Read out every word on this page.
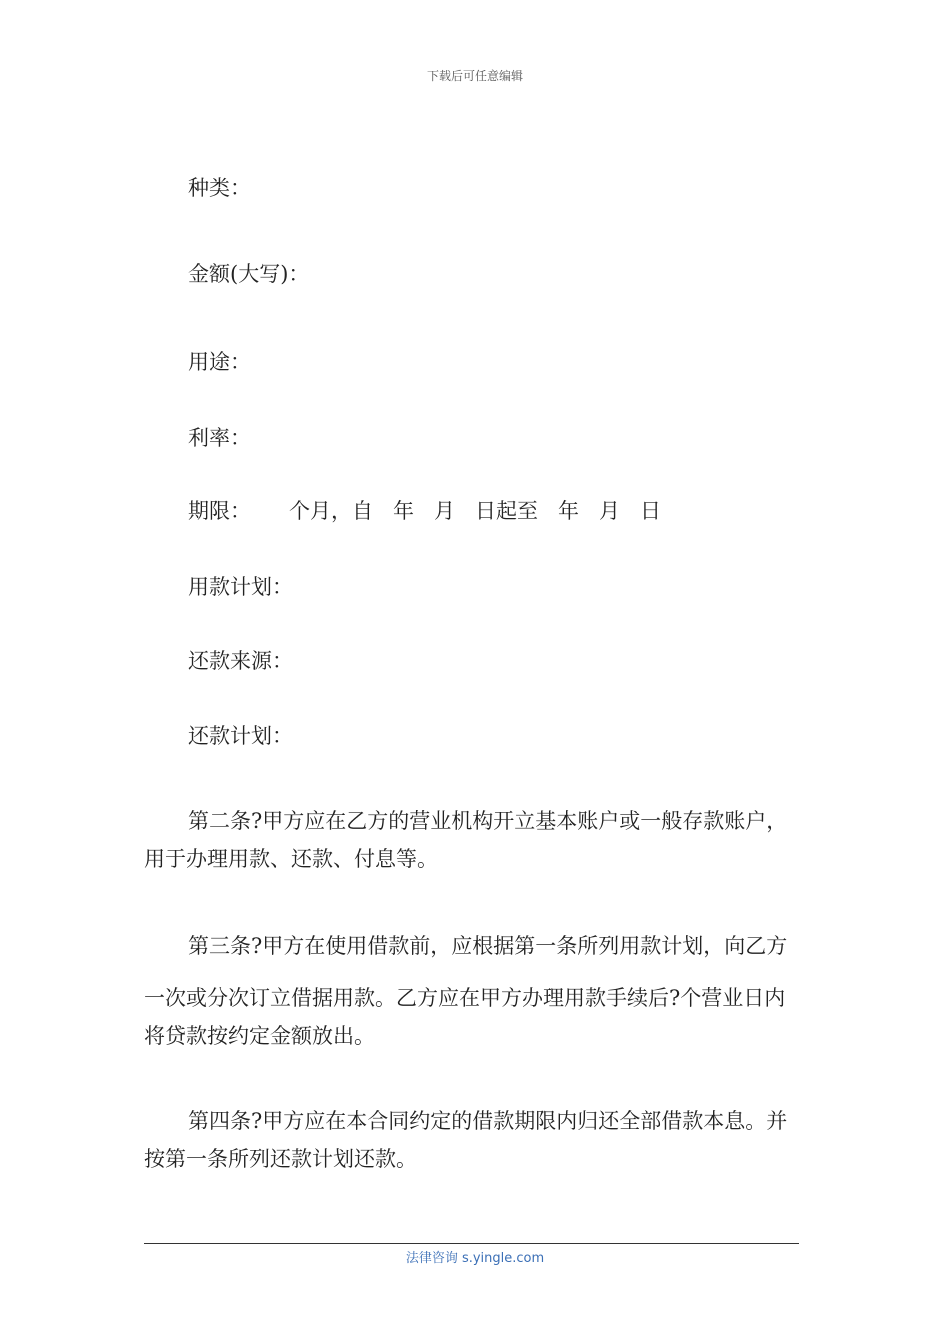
下载后可任意编辑
种类：
金额(大写)：
用途：
利率：
期限： 个月，自 年 月 日起至 年 月 日
用款计划：
还款来源：
还款计划：
第二条?甲方应在乙方的营业机构开立基本账户或一般存款账户，
用于办理用款、还款、付息等。
第三条?甲方在使用借款前，应根据第一条所列用款计划，向乙方
一次或分次订立借据用款。乙方应在甲方办理用款手续后?个营业日内
将贷款按约定金额放出。
第四条?甲方应在本合同约定的借款期限内归还全部借款本息。并
按第一条所列还款计划还款。
法律咨询 s.yingle.com
